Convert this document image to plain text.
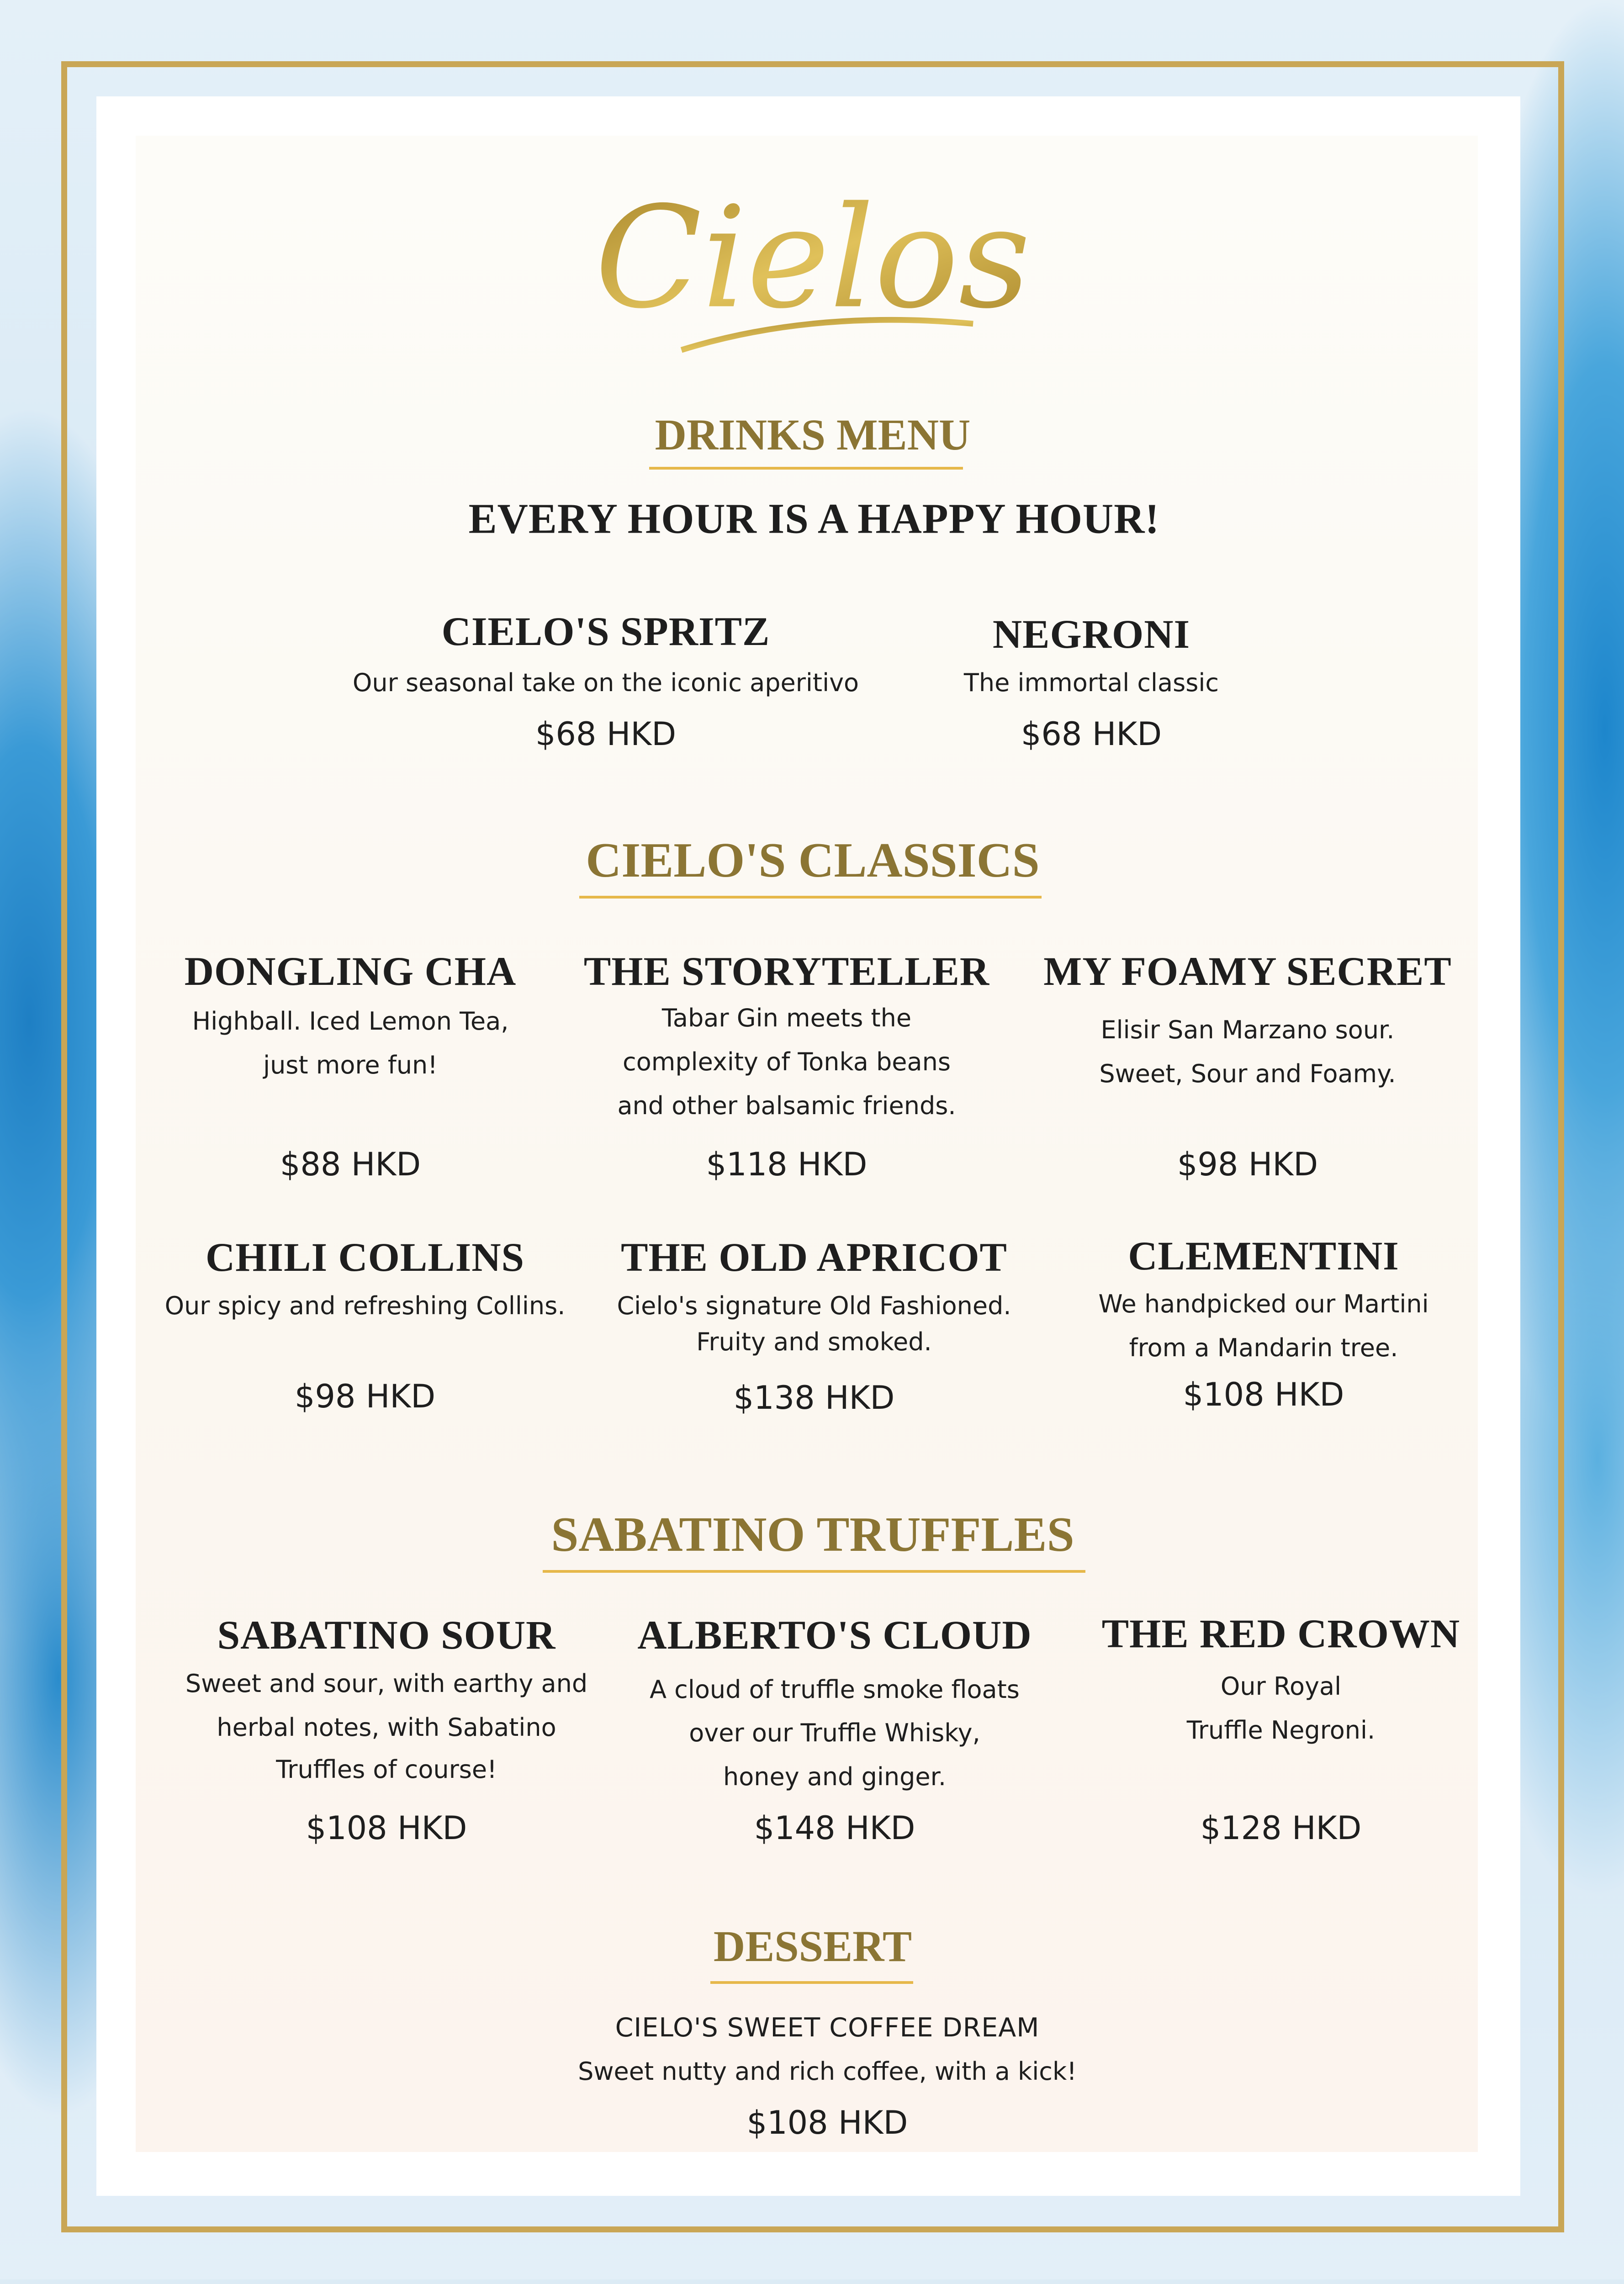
Cielos
DRINKS MENU
EVERY HOUR IS A HAPPY HOUR!
CIELO'S SPRITZ
Our seasonal take on the iconic aperitivo
$68 HKD
NEGRONI
The immortal classic
$68 HKD
CIELO'S CLASSICS
DONGLING CHA
Highball. Iced Lemon Tea,
just more fun!
$88 HKD
THE STORYTELLER
Tabar Gin meets the
complexity of Tonka beans
and other balsamic friends.
$118 HKD
MY FOAMY SECRET
Elisir San Marzano sour.
Sweet, Sour and Foamy.
$98 HKD
CHILI COLLINS
Our spicy and refreshing Collins.
$98 HKD
THE OLD APRICOT
Cielo's signature Old Fashioned.
Fruity and smoked.
$138 HKD
CLEMENTINI
We handpicked our Martini
from a Mandarin tree.
$108 HKD
SABATINO TRUFFLES
SABATINO SOUR
Sweet and sour, with earthy and
herbal notes, with Sabatino
Truffles of course!
$108 HKD
ALBERTO'S CLOUD
A cloud of truffle smoke floats
over our Truffle Whisky,
honey and ginger.
$148 HKD
THE RED CROWN
Our Royal
Truffle Negroni.
$128 HKD
DESSERT
CIELO'S SWEET COFFEE DREAM
Sweet nutty and rich coffee, with a kick!
$108 HKD
